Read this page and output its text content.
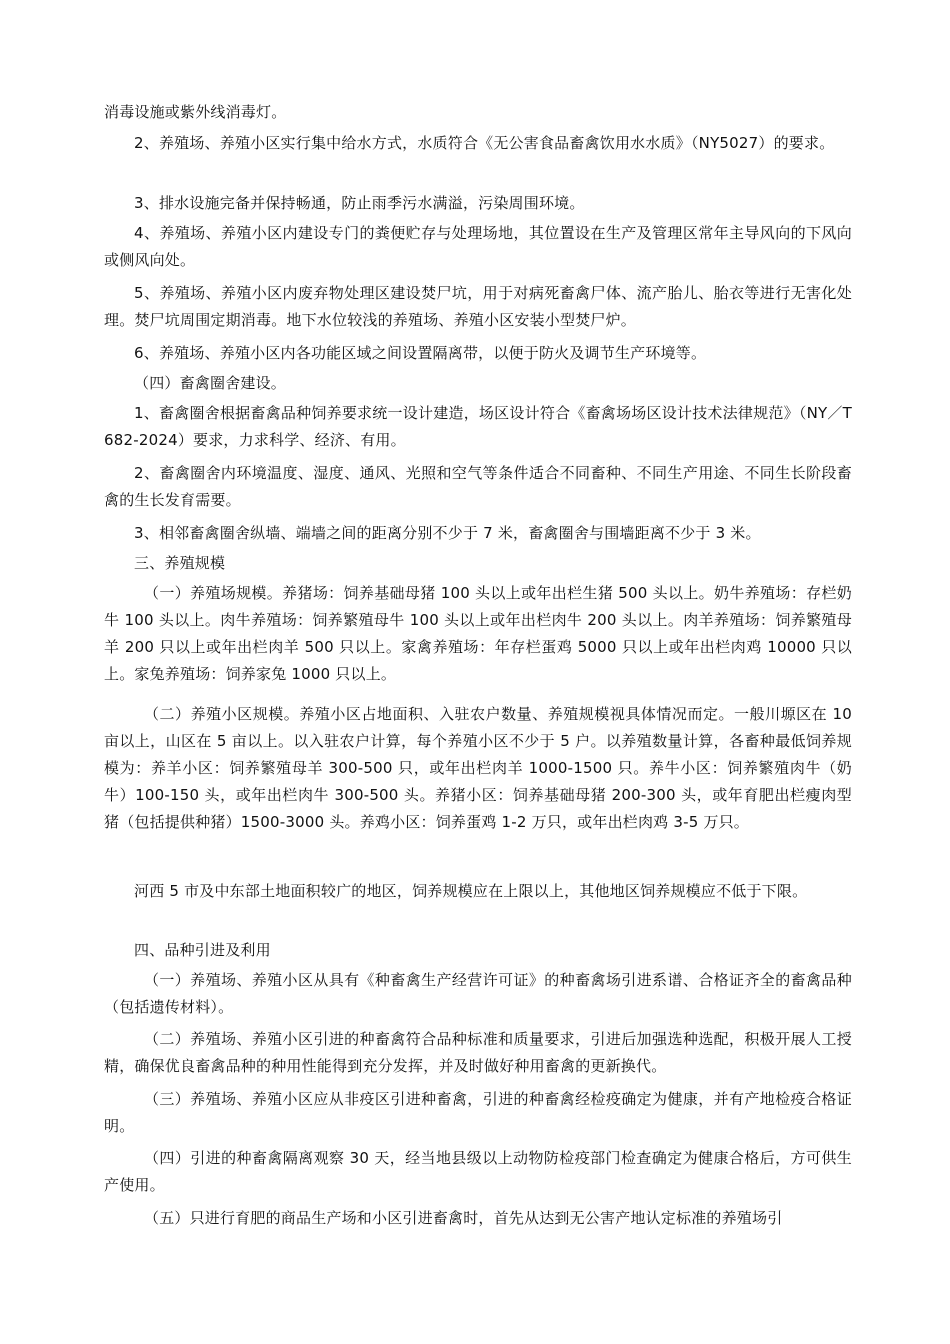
消毒设施或紫外线消毒灯。

2、养殖场、养殖小区实行集中给水方式，水质符合《无公害食品畜禽饮用水水质》（NY5027）的要求。

3、排水设施完备并保持畅通，防止雨季污水满溢，污染周围环境。

4、养殖场、养殖小区内建设专门的粪便贮存与处理场地，其位置设在生产及管理区常年主导风向的下风向或侧风向处。

5、养殖场、养殖小区内废弃物处理区建设焚尸坑，用于对病死畜禽尸体、流产胎儿、胎衣等进行无害化处理。焚尸坑周围定期消毒。地下水位较浅的养殖场、养殖小区安装小型焚尸炉。

6、养殖场、养殖小区内各功能区域之间设置隔离带，以便于防火及调节生产环境等。

（四）畜禽圈舍建设。

1、畜禽圈舍根据畜禽品种饲养要求统一设计建造，场区设计符合《畜禽场场区设计技术法律规范》（NY／T682-2024）要求，力求科学、经济、有用。

2、畜禽圈舍内环境温度、湿度、通风、光照和空气等条件适合不同畜种、不同生产用途、不同生长阶段畜禽的生长发育需要。

3、相邻畜禽圈舍纵墙、端墙之间的距离分别不少于 7 米，畜禽圈舍与围墙距离不少于 3 米。

三、养殖规模

（一）养殖场规模。养猪场：饲养基础母猪 100 头以上或年出栏生猪 500 头以上。奶牛养殖场：存栏奶牛 100 头以上。肉牛养殖场：饲养繁殖母牛 100 头以上或年出栏肉牛 200 头以上。肉羊养殖场：饲养繁殖母羊 200 只以上或年出栏肉羊 500 只以上。家禽养殖场：年存栏蛋鸡 5000 只以上或年出栏肉鸡 10000 只以上。家兔养殖场：饲养家兔 1000 只以上。

（二）养殖小区规模。养殖小区占地面积、入驻农户数量、养殖规模视具体情况而定。一般川塬区在 10 亩以上，山区在 5 亩以上。以入驻农户计算，每个养殖小区不少于 5 户。以养殖数量计算，各畜种最低饲养规模为：养羊小区：饲养繁殖母羊 300-500 只，或年出栏肉羊 1000-1500 只。养牛小区：饲养繁殖肉牛（奶牛）100-150 头，或年出栏肉牛 300-500 头。养猪小区：饲养基础母猪 200-300 头，或年育肥出栏瘦肉型猪（包括提供种猪）1500-3000 头。养鸡小区：饲养蛋鸡 1-2 万只，或年出栏肉鸡 3-5 万只。

河西 5 市及中东部土地面积较广的地区，饲养规模应在上限以上，其他地区饲养规模应不低于下限。

四、品种引进及利用

（一）养殖场、养殖小区从具有《种畜禽生产经营许可证》的种畜禽场引进系谱、合格证齐全的畜禽品种（包括遗传材料）。

（二）养殖场、养殖小区引进的种畜禽符合品种标准和质量要求，引进后加强选种选配，积极开展人工授精，确保优良畜禽品种的种用性能得到充分发挥，并及时做好种用畜禽的更新换代。

（三）养殖场、养殖小区应从非疫区引进种畜禽，引进的种畜禽经检疫确定为健康，并有产地检疫合格证明。

（四）引进的种畜禽隔离观察 30 天，经当地县级以上动物防检疫部门检查确定为健康合格后，方可供生产使用。

（五）只进行育肥的商品生产场和小区引进畜禽时，首先从达到无公害产地认定标准的养殖场引
